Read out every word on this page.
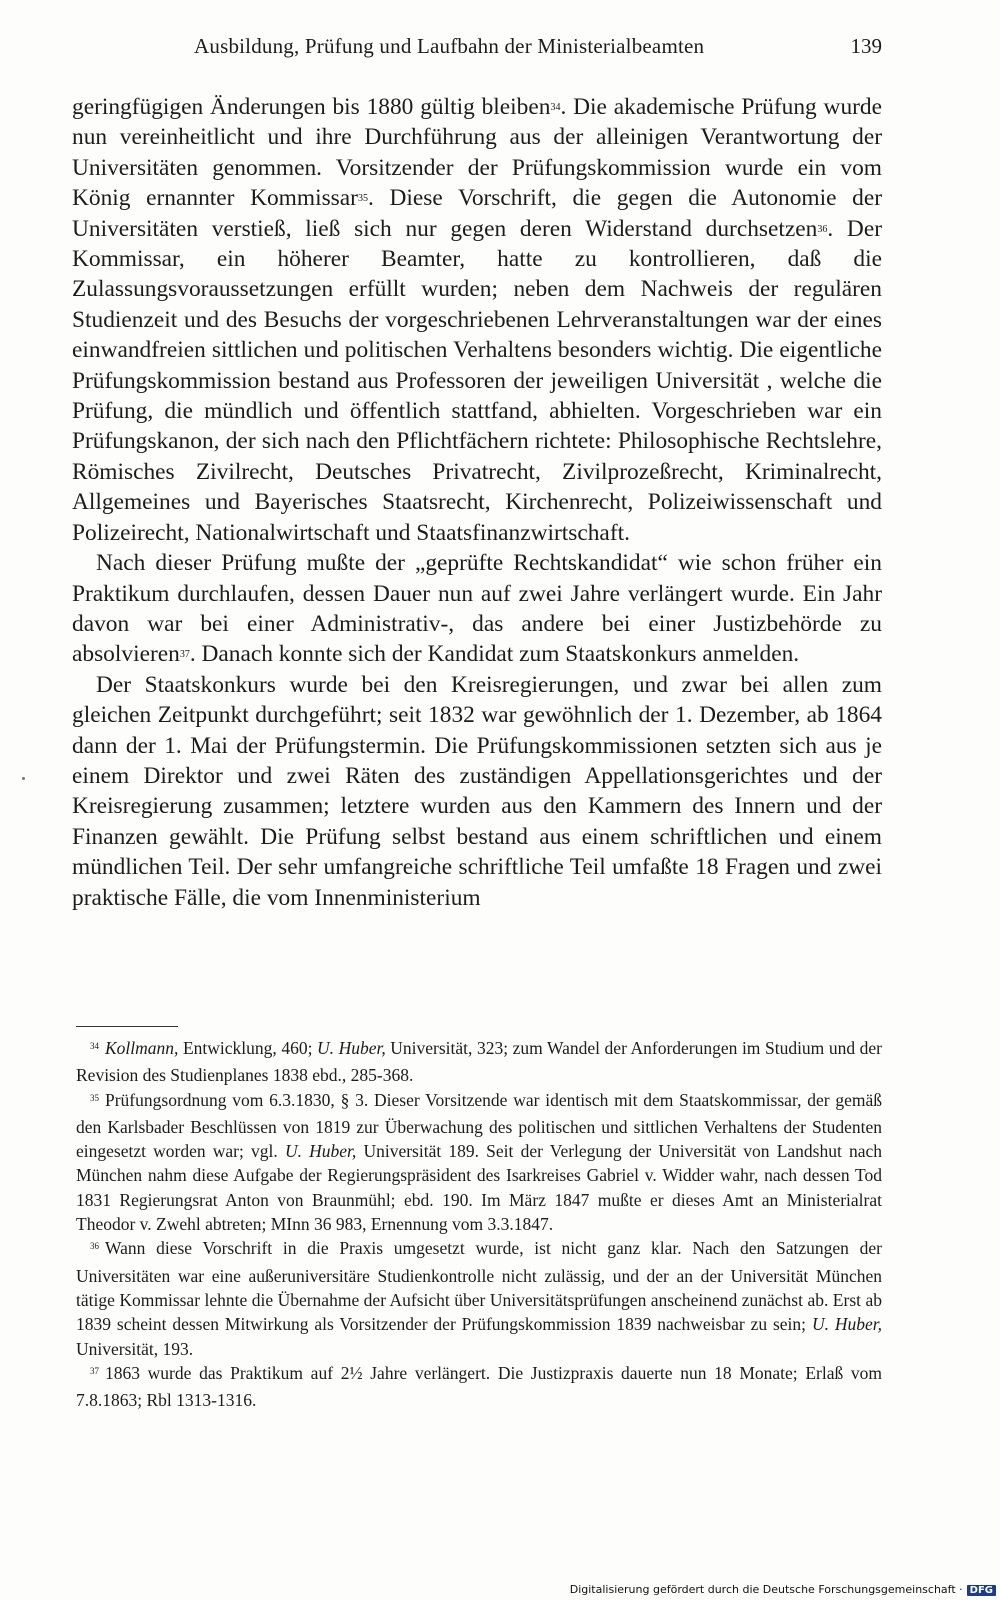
Ausbildung, Prüfung und Laufbahn der Ministerialbeamten	139

geringfügigen Änderungen bis 1880 gültig bleiben$^{34}$. Die akademische Prüfung wurde nun vereinheitlicht und ihre Durchführung aus der alleinigen Verantwortung der Universitäten genommen. Vorsitzender der Prüfungskommission wurde ein vom König ernannter Kommissar$^{35}$. Diese Vorschrift, die gegen die Autonomie der Universitäten verstieß, ließ sich nur gegen deren Widerstand durchsetzen$^{36}$. Der Kommissar, ein höherer Beamter, hatte zu kontrollieren, daß die Zulassungsvoraussetzungen erfüllt wurden; neben dem Nachweis der regulären Studienzeit und des Besuchs der vorgeschriebenen Lehrveranstaltungen war der eines einwandfreien sittlichen und politischen Verhaltens besonders wichtig. Die eigentliche Prüfungskommission bestand aus Professoren der jeweiligen Universität , welche die Prüfung, die mündlich und öffentlich stattfand, abhielten. Vorgeschrieben war ein Prüfungskanon, der sich nach den Pflichtfächern richtete: Philosophische Rechtslehre, Römisches Zivilrecht, Deutsches Privatrecht, Zivilprozeßrecht, Kriminalrecht, Allgemeines und Bayerisches Staatsrecht, Kirchenrecht, Polizeiwissenschaft und Polizeirecht, Nationalwirtschaft und Staatsfinanzwirtschaft.

Nach dieser Prüfung mußte der „geprüfte Rechtskandidat“ wie schon früher ein Praktikum durchlaufen, dessen Dauer nun auf zwei Jahre verlängert wurde. Ein Jahr davon war bei einer Administrativ-, das andere bei einer Justizbehörde zu absolvieren$^{37}$. Danach konnte sich der Kandidat zum Staatskonkurs anmelden.

Der Staatskonkurs wurde bei den Kreisregierungen, und zwar bei allen zum gleichen Zeitpunkt durchgeführt; seit 1832 war gewöhnlich der 1. Dezember, ab 1864 dann der 1. Mai der Prüfungstermin. Die Prüfungskommissionen setzten sich aus je einem Direktor und zwei Räten des zuständigen Appellationsgerichtes und der Kreisregierung zusammen; letztere wurden aus den Kammern des Innern und der Finanzen gewählt. Die Prüfung selbst bestand aus einem schriftlichen und einem mündlichen Teil. Der sehr umfangreiche schriftliche Teil umfaßte 18 Fragen und zwei praktische Fälle, die vom Innenministerium

$^{34}$ Kollmann, Entwicklung, 460; U. Huber, Universität, 323; zum Wandel der Anforderungen im Studium und der Revision des Studienplanes 1838 ebd., 285-368.

$^{35}$ Prüfungsordnung vom 6.3.1830, § 3. Dieser Vorsitzende war identisch mit dem Staatskommissar, der gemäß den Karlsbader Beschlüssen von 1819 zur Überwachung des politischen und sittlichen Verhaltens der Studenten eingesetzt worden war; vgl. U. Huber, Universität 189. Seit der Verlegung der Universität von Landshut nach München nahm diese Aufgabe der Regierungspräsident des Isarkreises Gabriel v. Widder wahr, nach dessen Tod 1831 Regierungsrat Anton von Braunmühl; ebd. 190. Im März 1847 mußte er dieses Amt an Ministerialrat Theodor v. Zwehl abtreten; MInn 36 983, Ernennung vom 3.3.1847.

$^{36}$ Wann diese Vorschrift in die Praxis umgesetzt wurde, ist nicht ganz klar. Nach den Satzungen der Universitäten war eine außeruniversitäre Studienkontrolle nicht zulässig, und der an der Universität München tätige Kommissar lehnte die Übernahme der Aufsicht über Universitätsprüfungen anscheinend zunächst ab. Erst ab 1839 scheint dessen Mitwirkung als Vorsitzender der Prüfungskommission 1839 nachweisbar zu sein; U. Huber, Universität, 193.

$^{37}$ 1863 wurde das Praktikum auf 2½ Jahre verlängert. Die Justizpraxis dauerte nun 18 Monate; Erlaß vom 7.8.1863; Rbl 1313-1316.

Digitalisierung gefördert durch die Deutsche Forschungsgemeinschaft · DFG
